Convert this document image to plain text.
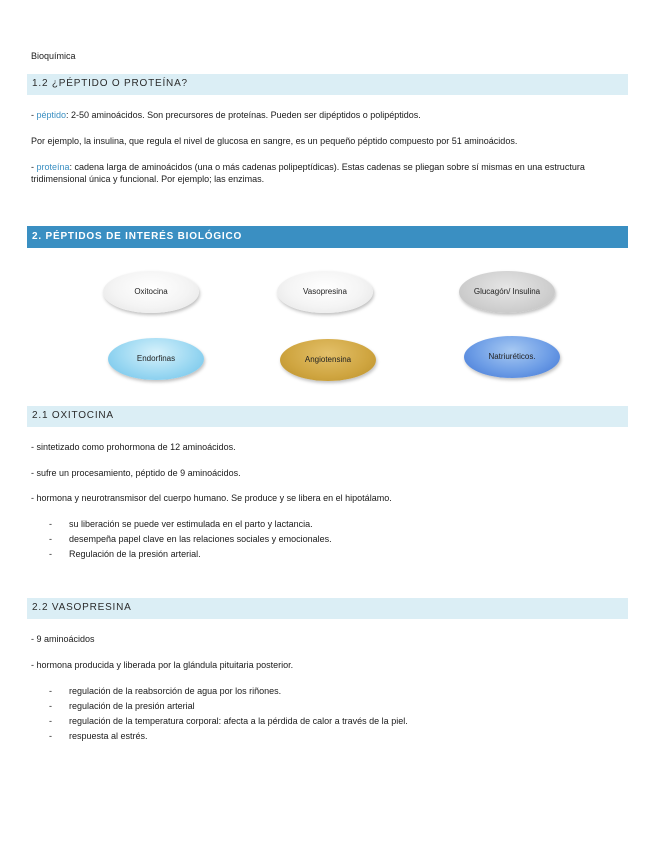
Bioquímica
1.2 ¿PÉPTIDO O PROTEÍNA?
- péptido: 2-50 aminoácidos. Son precursores de proteínas. Pueden ser dipéptidos o polipéptidos.
Por ejemplo, la insulina, que regula el nivel de glucosa en sangre, es un pequeño péptido compuesto por 51 aminoácidos.
- proteína: cadena larga de aminoácidos (una o más cadenas polipeptídicas). Estas cadenas se pliegan sobre sí mismas en una estructura tridimensional única y funcional. Por ejemplo; las enzimas.
2. PÉPTIDOS DE INTERÉS BIOLÓGICO
Oxitocina	Vasopresina	Glucagón/ Insulina
Endorfinas	Angiotensina	Natriuréticos.
2.1 OXITOCINA
- sintetizado como prohormona de 12 aminoácidos.
- sufre un procesamiento, péptido de 9 aminoácidos.
- hormona y neurotransmisor del cuerpo humano. Se produce y se libera en el hipotálamo.
- su liberación se puede ver estimulada en el parto y lactancia.
- desempeña papel clave en las relaciones sociales y emocionales.
- Regulación de la presión arterial.
2.2 VASOPRESINA
- 9 aminoácidos
- hormona producida y liberada por la glándula pituitaria posterior.
- regulación de la reabsorción de agua por los riñones.
- regulación de la presión arterial
- regulación de la temperatura corporal: afecta a la pérdida de calor a través de la piel.
- respuesta al estrés.
